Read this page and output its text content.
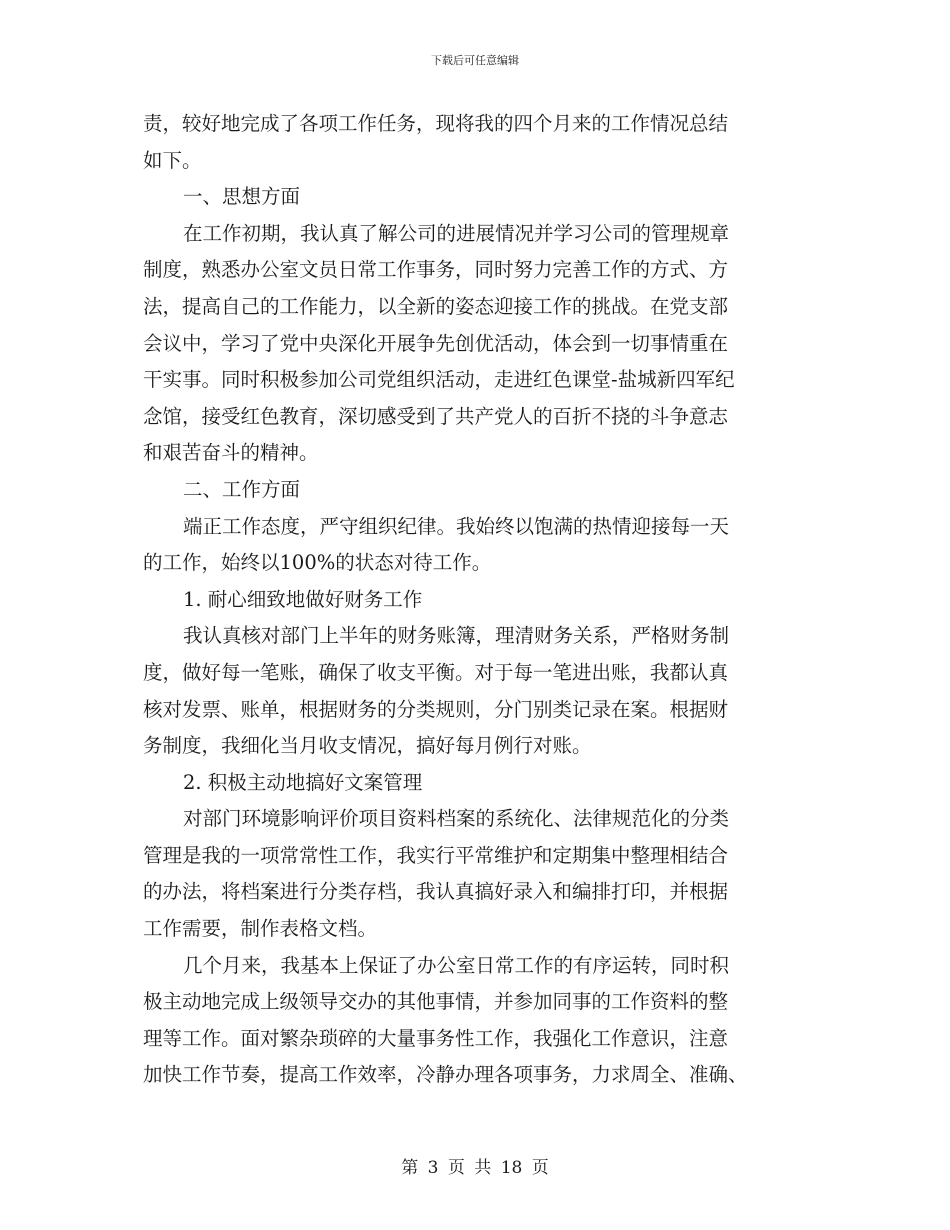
下载后可任意编辑

责，较好地完成了各项工作任务，现将我的四个月来的工作情况总结
如下。
一、思想方面
在工作初期，我认真了解公司的进展情况并学习公司的管理规章
制度，熟悉办公室文员日常工作事务，同时努力完善工作的方式、方
法，提高自己的工作能力，以全新的姿态迎接工作的挑战。在党支部
会议中，学习了党中央深化开展争先创优活动，体会到一切事情重在
干实事。同时积极参加公司党组织活动，走进红色课堂-盐城新四军纪
念馆，接受红色教育，深切感受到了共产党人的百折不挠的斗争意志
和艰苦奋斗的精神。
二、工作方面
端正工作态度，严守组织纪律。我始终以饱满的热情迎接每一天
的工作，始终以100%的状态对待工作。
1. 耐心细致地做好财务工作
我认真核对部门上半年的财务账簿，理清财务关系，严格财务制
度，做好每一笔账，确保了收支平衡。对于每一笔进出账，我都认真
核对发票、账单，根据财务的分类规则，分门别类记录在案。根据财
务制度，我细化当月收支情况，搞好每月例行对账。
2. 积极主动地搞好文案管理
对部门环境影响评价项目资料档案的系统化、法律规范化的分类
管理是我的一项常常性工作，我实行平常维护和定期集中整理相结合
的办法，将档案进行分类存档，我认真搞好录入和编排打印，并根据
工作需要，制作表格文档。
几个月来，我基本上保证了办公室日常工作的有序运转，同时积
极主动地完成上级领导交办的其他事情，并参加同事的工作资料的整
理等工作。面对繁杂琐碎的大量事务性工作，我强化工作意识，注意
加快工作节奏，提高工作效率，冷静办理各项事务，力求周全、准确、

第 3 页 共 18 页
